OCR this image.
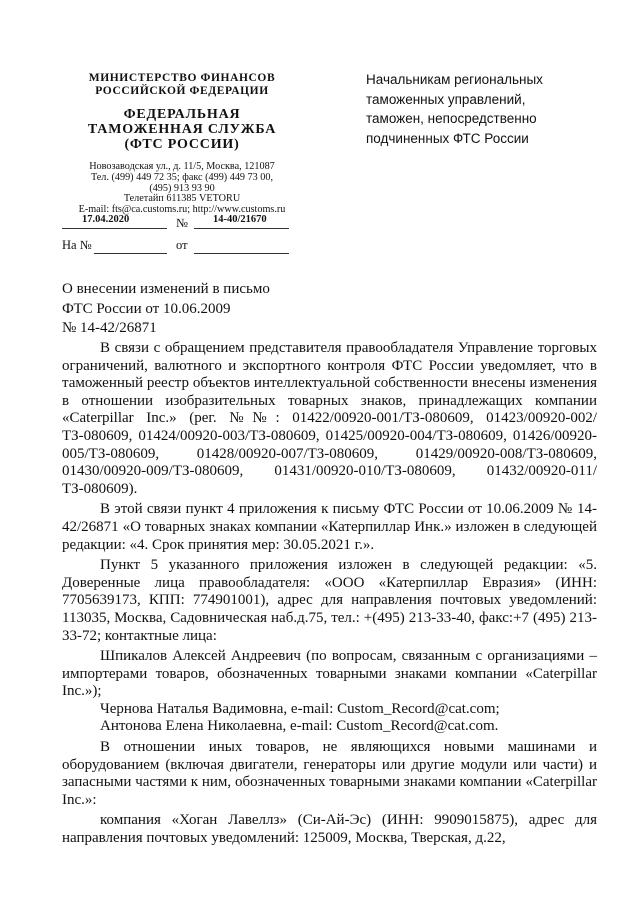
МИНИСТЕРСТВО ФИНАНСОВ

РОССИЙСКОЙ ФЕДЕРАЦИИ

ФЕДЕРАЛЬНАЯ

ТАМОЖЕННАЯ СЛУЖБА

(ФТС РОССИИ)

Новозаводская ул., д. 11/5, Москва, 121087
Тел. (499) 449 72 35; факс (499) 449 73 00,
(495) 913 93 90
Телетайп 611385 VETORU
E-mail: fts@ca.customs.ru; http://www.customs.ru
17.04.2020	№ 14-40/21670
На №	от
Начальникам региональных
таможенных управлений,
таможен, непосредственно
подчиненных ФТС России
О внесении изменений в письмо
ФТС России от 10.06.2009
№ 14-42/26871

В связи с обращением представителя правообладателя Управление торговых ограничений, валютного и экспортного контроля ФТС России уведомляет, что в таможенный реестр объектов интеллектуальной собственности внесены изменения в отношении изобразительных товарных знаков, принадлежащих компании «Caterpillar Inc.» (рег. №№: 01422/00920-001/ТЗ-080609, 01423/00920-002/ТЗ-080609, 01424/00920-003/ТЗ-080609, 01425/00920-004/ТЗ-080609, 01426/00920-005/ТЗ-080609, 01428/00920-007/ТЗ-080609, 01429/00920-008/ТЗ-080609, 01430/00920-009/ТЗ-080609, 01431/00920-010/ТЗ-080609, 01432/00920-011/ТЗ-080609).

В этой связи пункт 4 приложения к письму ФТС России от 10.06.2009 № 14-42/26871 «О товарных знаках компании «Катерпиллар Инк.» изложен в следующей редакции: «4. Срок принятия мер: 30.05.2021 г.».

Пункт 5 указанного приложения изложен в следующей редакции: «5. Доверенные лица правообладателя: «ООО «Катерпиллар Евразия» (ИНН: 7705639173, КПП: 774901001), адрес для направления почтовых уведомлений: 113035, Москва, Садовническая наб.д.75, тел.: +(495) 213-33-40, факс:+7 (495) 213-33-72; контактные лица:

Шпикалов Алексей Андреевич (по вопросам, связанным с организациями – импортерами товаров, обозначенных товарными знаками компании «Caterpillar Inc.»);

Чернова Наталья Вадимовна, e-mail: Custom_Record@cat.com;

Антонова Елена Николаевна, e-mail: Custom_Record@cat.com.

В отношении иных товаров, не являющихся новыми машинами и оборудованием (включая двигатели, генераторы или другие модули или части) и запасными частями к ним, обозначенных товарными знаками компании «Caterpillar Inc.»:

компания «Хоган Лавеллз» (Си-Ай-Эс) (ИНН: 9909015875), адрес для направления почтовых уведомлений: 125009, Москва, Тверская, д.22,
